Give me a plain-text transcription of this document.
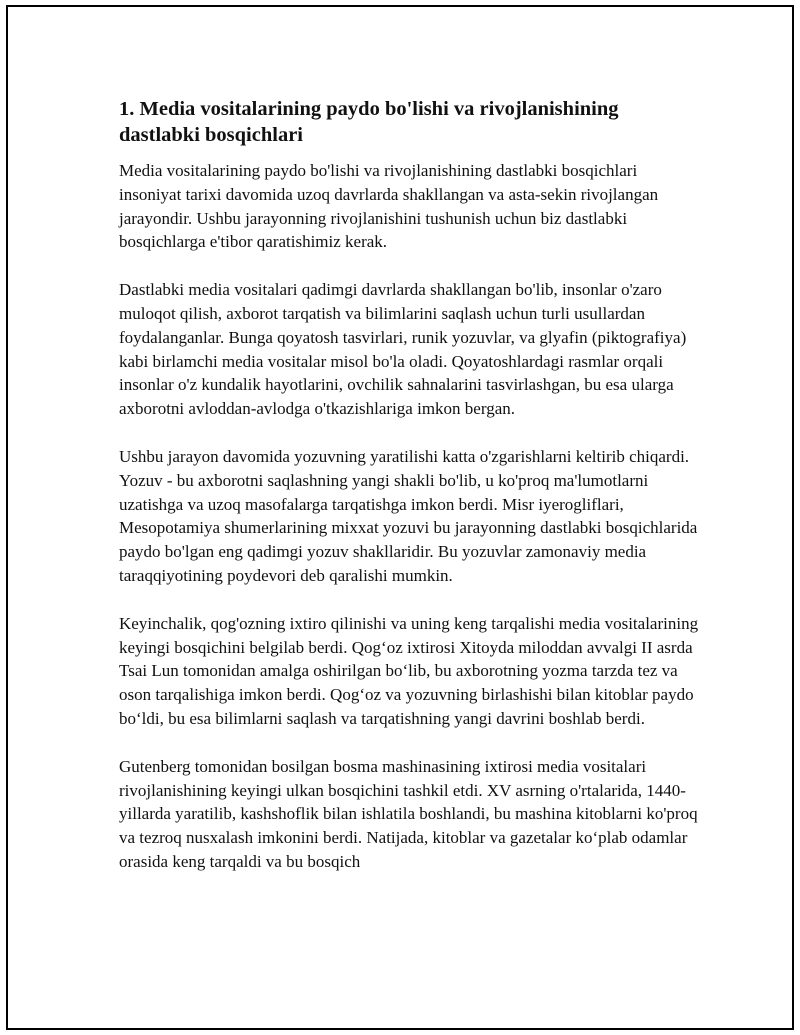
1. Media vositalarining paydo bo'lishi va rivojlanishining dastlabki bosqichlari

Media vositalarining paydo bo'lishi va rivojlanishining dastlabki bosqichlari insoniyat tarixi davomida uzoq davrlarda shakllangan va asta-sekin rivojlangan jarayondir. Ushbu jarayonning rivojlanishini tushunish uchun biz dastlabki bosqichlarga e'tibor qaratishimiz kerak.

Dastlabki media vositalari qadimgi davrlarda shakllangan bo'lib, insonlar o'zaro muloqot qilish, axborot tarqatish va bilimlarini saqlash uchun turli usullardan foydalanganlar. Bunga qoyatosh tasvirlari, runik yozuvlar, va glyafin (piktografiya) kabi birlamchi media vositalar misol bo'la oladi. Qoyatoshlardagi rasmlar orqali insonlar o'z kundalik hayotlarini, ovchilik sahnalarini tasvirlashgan, bu esa ularga axborotni avloddan-avlodga o'tkazishlariga imkon bergan.

Ushbu jarayon davomida yozuvning yaratilishi katta o'zgarishlarni keltirib chiqardi. Yozuv - bu axborotni saqlashning yangi shakli bo'lib, u ko'proq ma'lumotlarni uzatishga va uzoq masofalarga tarqatishga imkon berdi. Misr iyerogliflari, Mesopotamiya shumerlarining mixxat yozuvi bu jarayonning dastlabki bosqichlarida paydo bo'lgan eng qadimgi yozuv shakllaridir. Bu yozuvlar zamonaviy media taraqqiyotining poydevori deb qaralishi mumkin.

Keyinchalik, qog'ozning ixtiro qilinishi va uning keng tarqalishi media vositalarining keyingi bosqichini belgilab berdi. Qog‘oz ixtirosi Xitoyda miloddan avvalgi II asrda Tsai Lun tomonidan amalga oshirilgan bo‘lib, bu axborotning yozma tarzda tez va oson tarqalishiga imkon berdi. Qog‘oz va yozuvning birlashishi bilan kitoblar paydo bo‘ldi, bu esa bilimlarni saqlash va tarqatishning yangi davrini boshlab berdi.

Gutenberg tomonidan bosilgan bosma mashinasining ixtirosi media vositalari rivojlanishining keyingi ulkan bosqichini tashkil etdi. XV asrning o'rtalarida, 1440-yillarda yaratilib, kashshoflik bilan ishlatila boshlandi, bu mashina kitoblarni ko'proq va tezroq nusxalash imkonini berdi. Natijada, kitoblar va gazetalar ko‘plab odamlar orasida keng tarqaldi va bu bosqich
